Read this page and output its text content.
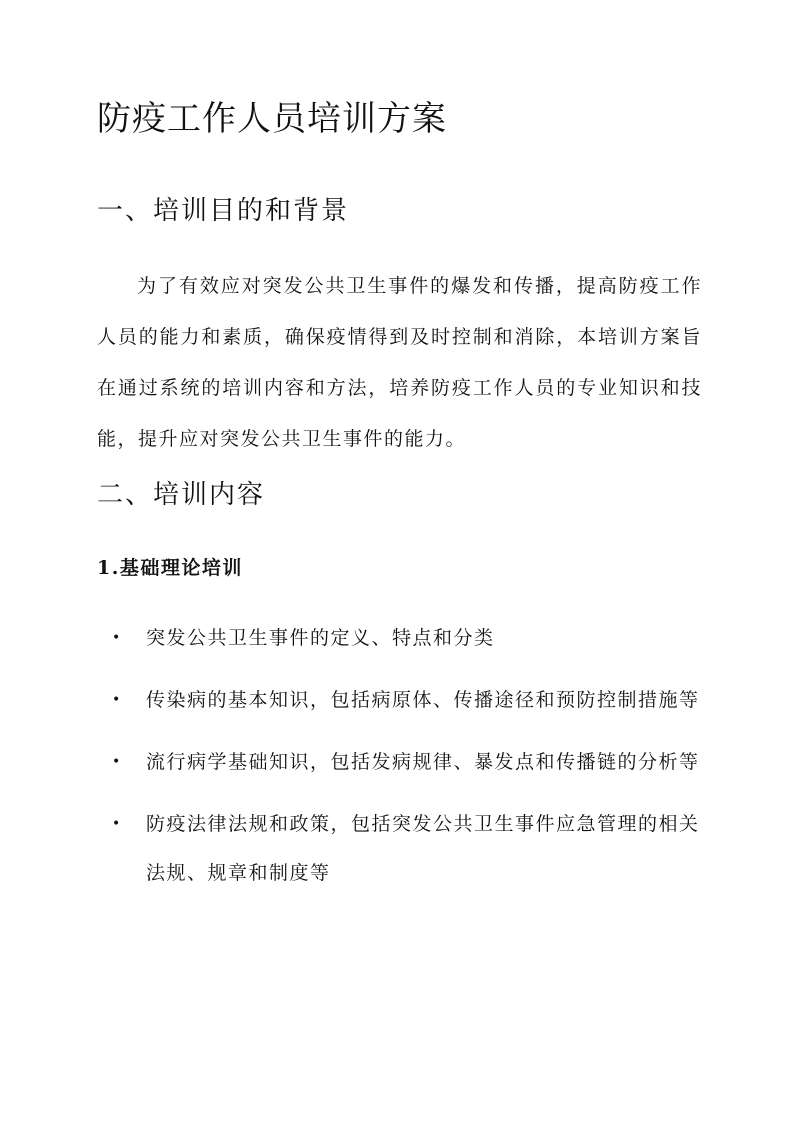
防疫工作人员培训方案
一、培训目的和背景

为了有效应对突发公共卫生事件的爆发和传播，提高防疫工作人员的能力和素质，确保疫情得到及时控制和消除，本培训方案旨在通过系统的培训内容和方法，培养防疫工作人员的专业知识和技能，提升应对突发公共卫生事件的能力。

二、培训内容
1.基础理论培训
• 突发公共卫生事件的定义、特点和分类
• 传染病的基本知识，包括病原体、传播途径和预防控制措施等
• 流行病学基础知识，包括发病规律、暴发点和传播链的分析等
• 防疫法律法规和政策，包括突发公共卫生事件应急管理的相关法规、规章和制度等
